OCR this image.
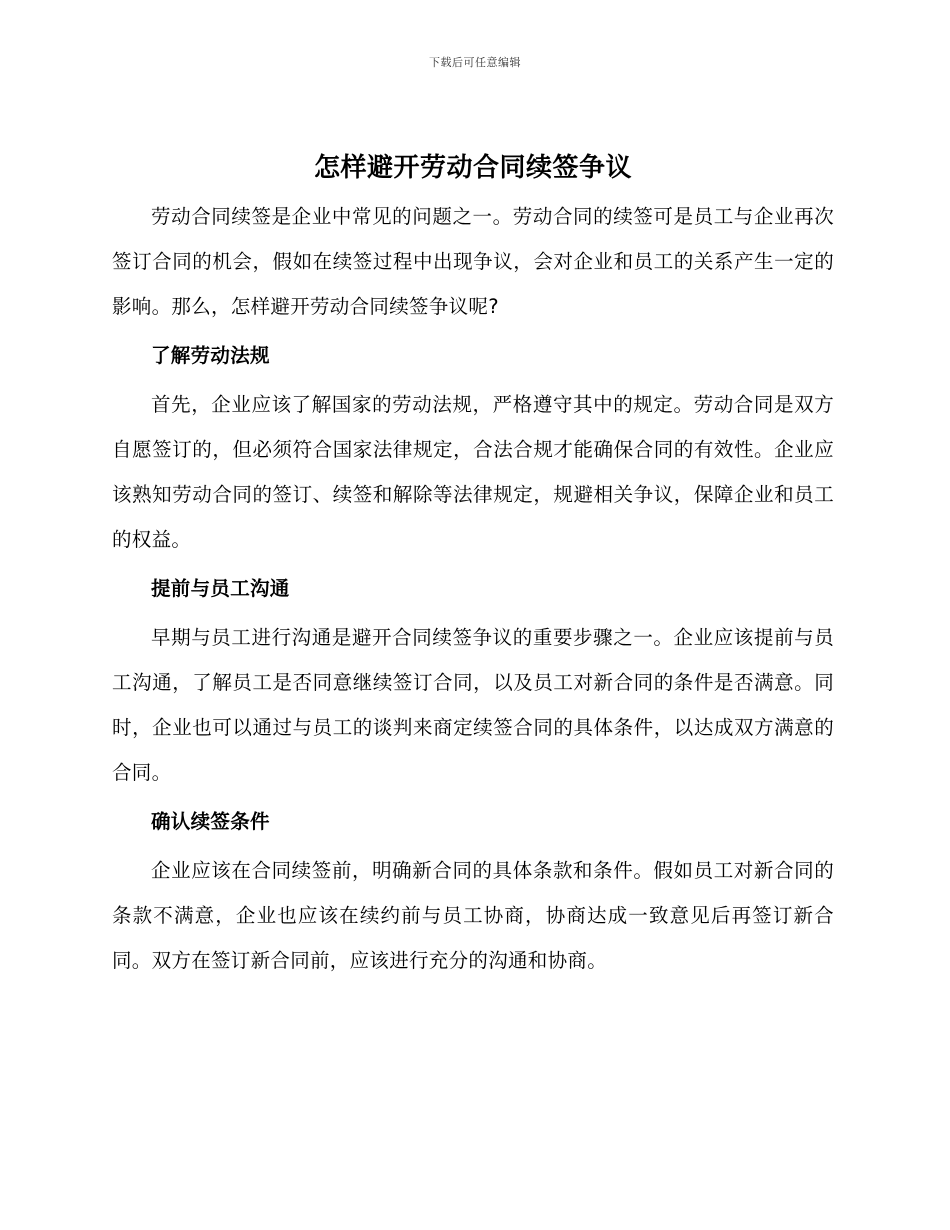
下载后可任意编辑
怎样避开劳动合同续签争议

劳动合同续签是企业中常见的问题之一。劳动合同的续签可是员工与企业再次签订合同的机会，假如在续签过程中出现争议，会对企业和员工的关系产生一定的影响。那么，怎样避开劳动合同续签争议呢?

了解劳动法规

首先，企业应该了解国家的劳动法规，严格遵守其中的规定。劳动合同是双方自愿签订的，但必须符合国家法律规定，合法合规才能确保合同的有效性。企业应该熟知劳动合同的签订、续签和解除等法律规定，规避相关争议，保障企业和员工的权益。

提前与员工沟通

早期与员工进行沟通是避开合同续签争议的重要步骤之一。企业应该提前与员工沟通，了解员工是否同意继续签订合同，以及员工对新合同的条件是否满意。同时，企业也可以通过与员工的谈判来商定续签合同的具体条件，以达成双方满意的合同。

确认续签条件

企业应该在合同续签前，明确新合同的具体条款和条件。假如员工对新合同的条款不满意，企业也应该在续约前与员工协商，协商达成一致意见后再签订新合同。双方在签订新合同前，应该进行充分的沟通和协商。
